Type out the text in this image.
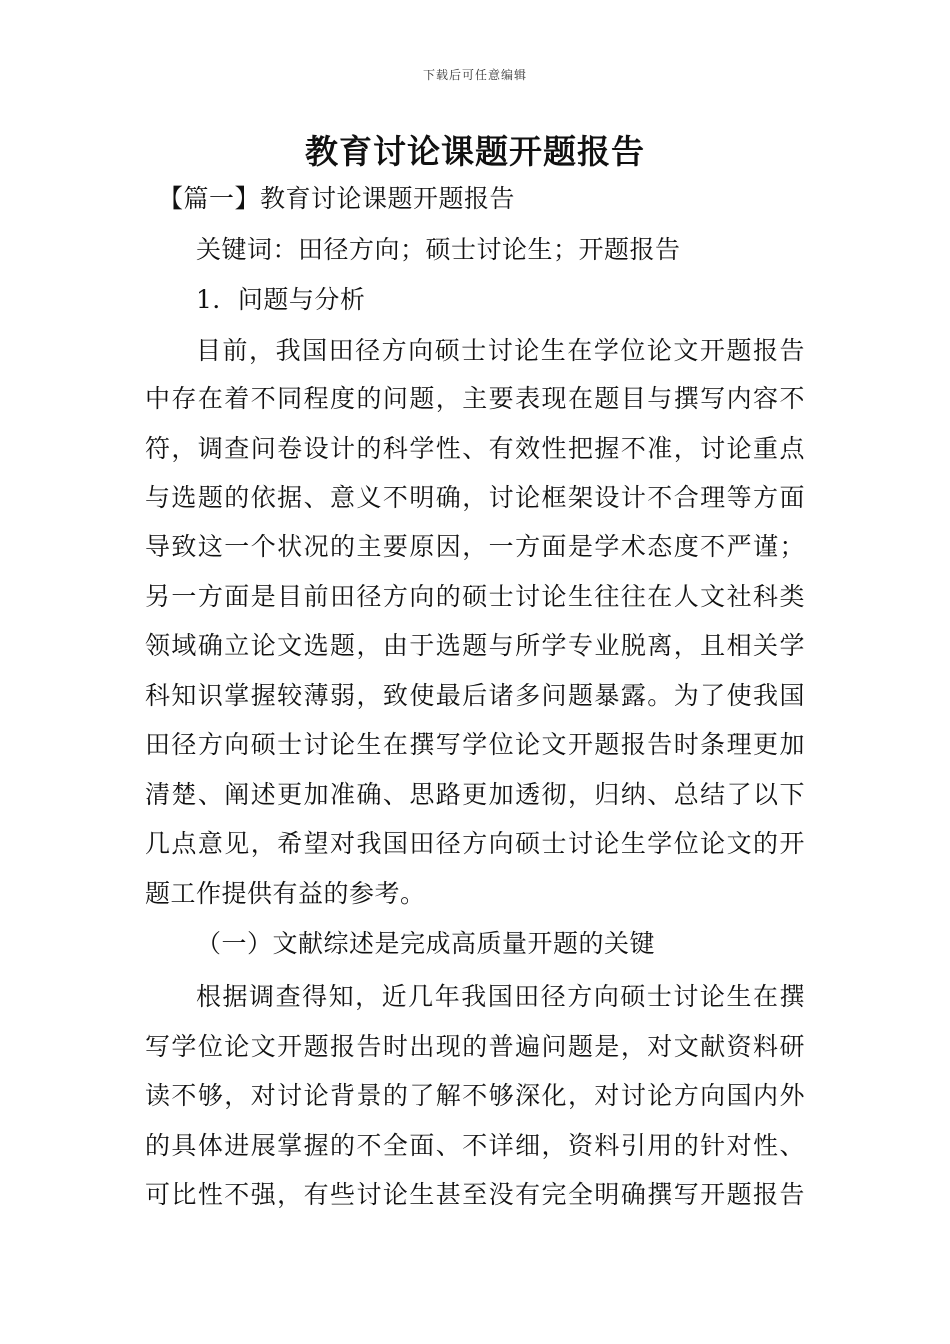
下载后可任意编辑
教育讨论课题开题报告
【篇一】教育讨论课题开题报告
关键词：田径方向；硕士讨论生；开题报告
1．问题与分析
目前，我国田径方向硕士讨论生在学位论文开题报告
中存在着不同程度的问题，主要表现在题目与撰写内容不
符，调查问卷设计的科学性、有效性把握不准，讨论重点
与选题的依据、意义不明确，讨论框架设计不合理等方面
导致这一个状况的主要原因，一方面是学术态度不严谨；
另一方面是目前田径方向的硕士讨论生往往在人文社科类
领域确立论文选题，由于选题与所学专业脱离，且相关学
科知识掌握较薄弱，致使最后诸多问题暴露。为了使我国
田径方向硕士讨论生在撰写学位论文开题报告时条理更加
清楚、阐述更加准确、思路更加透彻，归纳、总结了以下
几点意见，希望对我国田径方向硕士讨论生学位论文的开
题工作提供有益的参考。
（一）文献综述是完成高质量开题的关键
根据调查得知，近几年我国田径方向硕士讨论生在撰
写学位论文开题报告时出现的普遍问题是，对文献资料研
读不够，对讨论背景的了解不够深化，对讨论方向国内外
的具体进展掌握的不全面、不详细，资料引用的针对性、
可比性不强，有些讨论生甚至没有完全明确撰写开题报告
